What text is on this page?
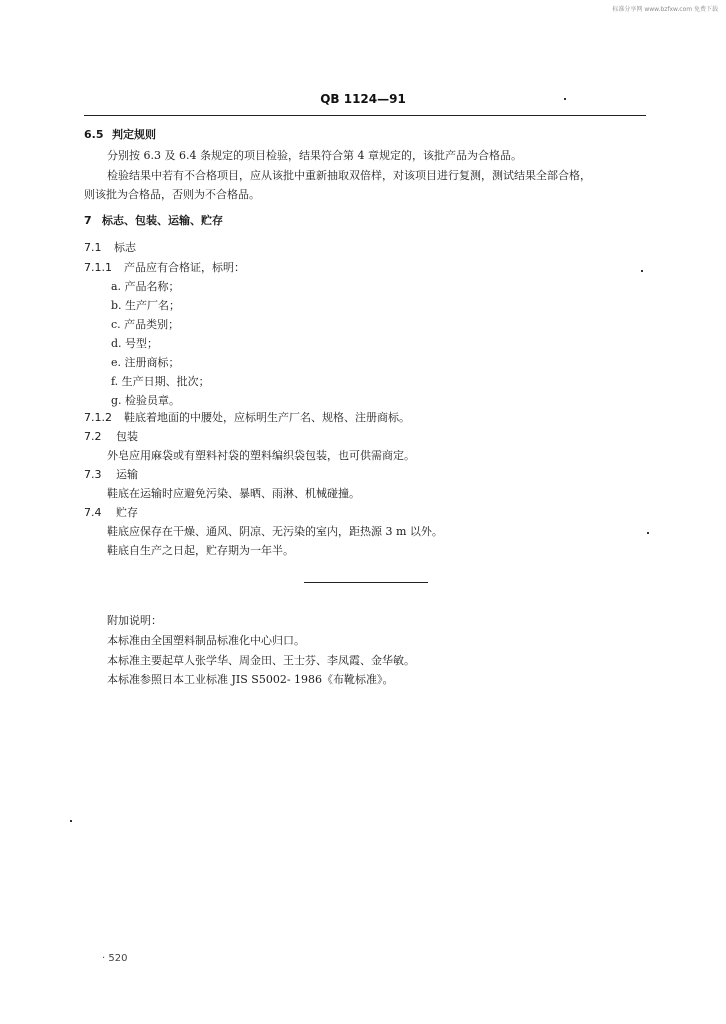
标准分享网 www.bzfxw.com 免费下载
QB 1124—91
6.5 判定规则
分别按 6.3 及 6.4 条规定的项目检验，结果符合第 4 章规定的，该批产品为合格品。
检验结果中若有不合格项目，应从该批中重新抽取双倍样，对该项目进行复测，测试结果全部合格，
则该批为合格品，否则为不合格品。
7 标志、包装、运输、贮存
7.1 标志
7.1.1 产品应有合格证，标明：
a. 产品名称；
b. 生产厂名；
c. 产品类别；
d. 号型；
e. 注册商标；
f. 生产日期、批次；
g. 检验员章。
7.1.2 鞋底着地面的中腰处，应标明生产厂名、规格、注册商标。
7.2 包装
外皂应用麻袋或有塑料衬袋的塑料编织袋包装，也可供需商定。
7.3 运输
鞋底在运输时应避免污染、暴晒、雨淋、机械碰撞。
7.4 贮存
鞋底应保存在干燥、通风、阴凉、无污染的室内，距热源 3 m 以外。
鞋底自生产之日起，贮存期为一年半。
附加说明：
本标准由全国塑料制品标准化中心归口。
本标准主要起草人张学华、周金田、王士芬、李凤霞、金华敏。
本标准参照日本工业标准 JIS S5002- 1986《布靴标准》。
· 520
